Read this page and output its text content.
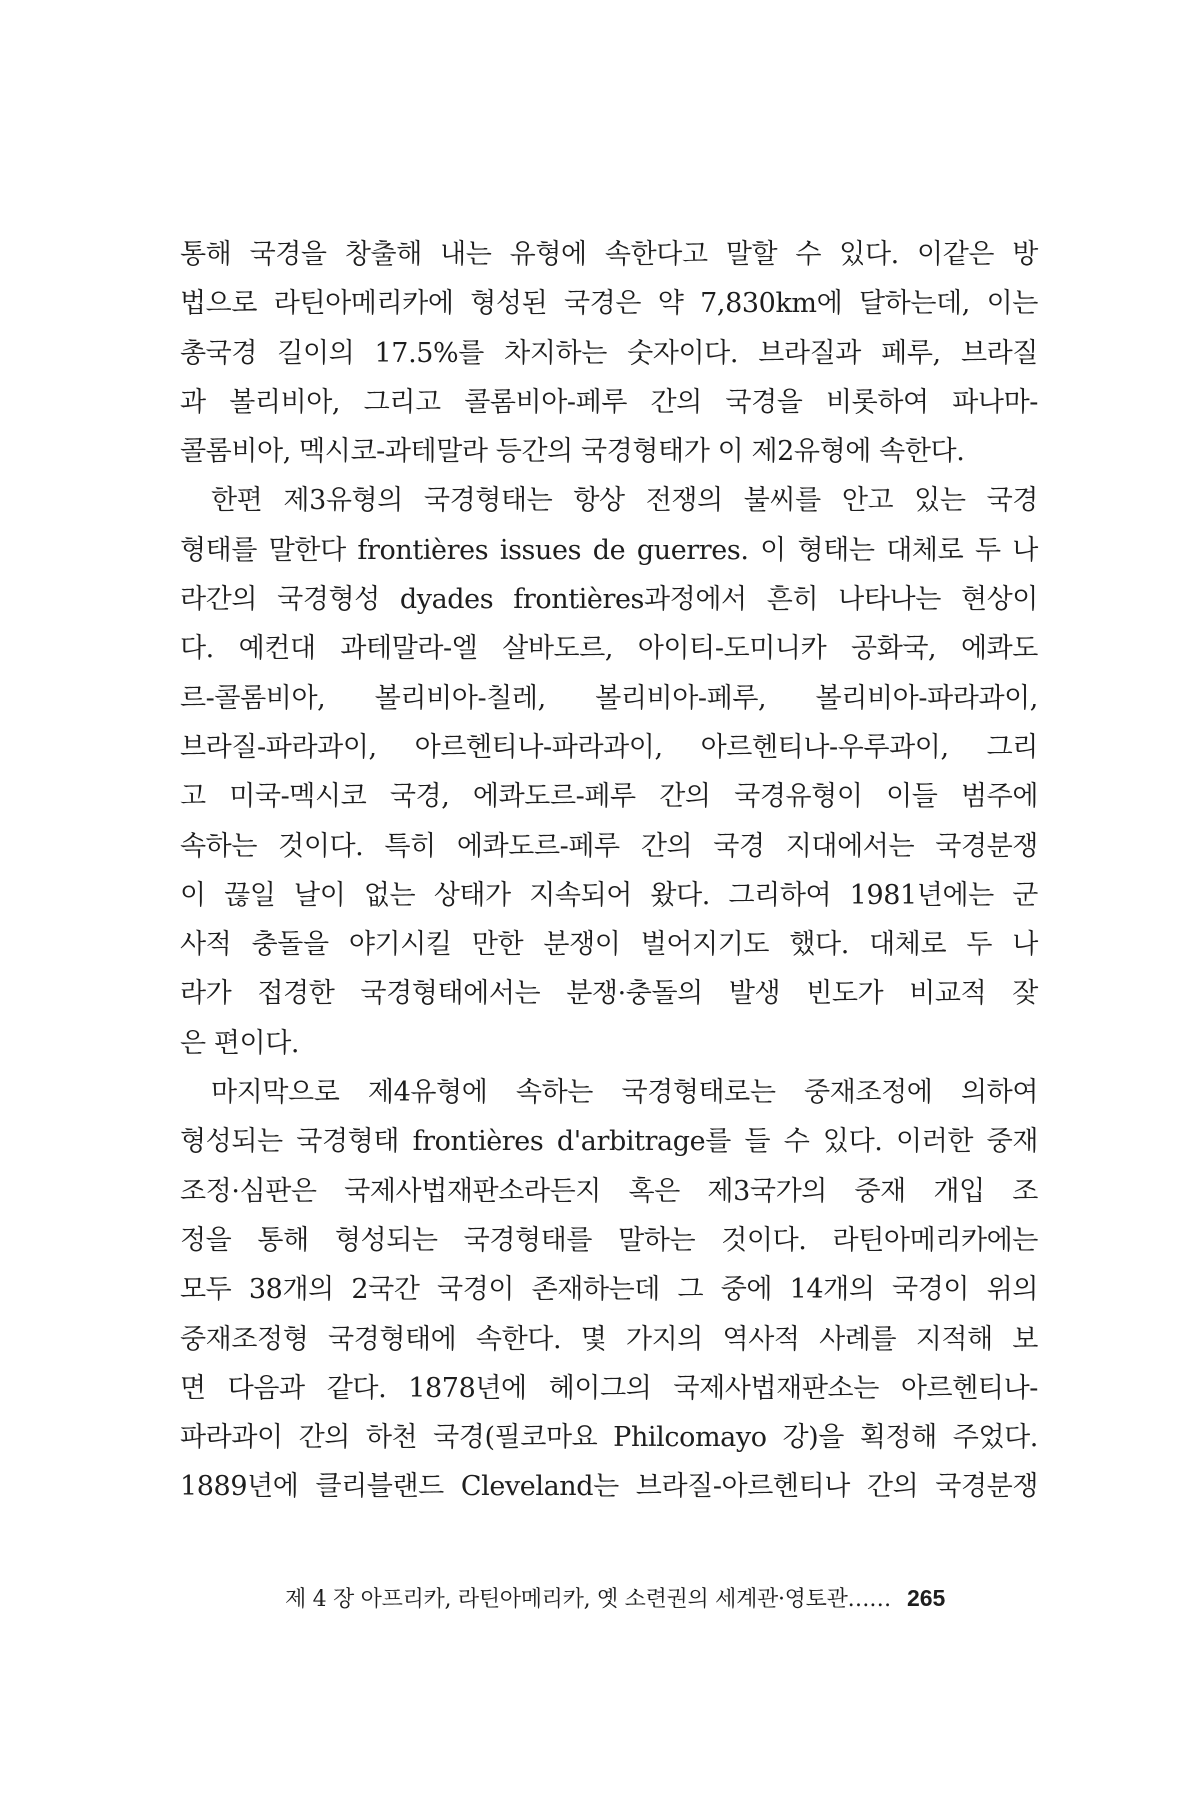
통해 국경을 창출해 내는 유형에 속한다고 말할 수 있다. 이같은 방
법으로 라틴아메리카에 형성된 국경은 약 7,830km에 달하는데, 이는
총국경 길이의 17.5%를 차지하는 숫자이다. 브라질과 페루, 브라질
과 볼리비아, 그리고 콜롬비아-페루 간의 국경을 비롯하여 파나마-
콜롬비아, 멕시코-과테말라 등간의 국경형태가 이 제2유형에 속한다.
한편 제3유형의 국경형태는 항상 전쟁의 불씨를 안고 있는 국경
형태를 말한다 frontières issues de guerres. 이 형태는 대체로 두 나
라간의 국경형성 dyades frontières과정에서 흔히 나타나는 현상이
다. 예컨대 과테말라-엘 살바도르, 아이티-도미니카 공화국, 에콰도
르-콜롬비아, 볼리비아-칠레, 볼리비아-페루, 볼리비아-파라과이,
브라질-파라과이, 아르헨티나-파라과이, 아르헨티나-우루과이, 그리
고 미국-멕시코 국경, 에콰도르-페루 간의 국경유형이 이들 범주에
속하는 것이다. 특히 에콰도르-페루 간의 국경 지대에서는 국경분쟁
이 끊일 날이 없는 상태가 지속되어 왔다. 그리하여 1981년에는 군
사적 충돌을 야기시킬 만한 분쟁이 벌어지기도 했다. 대체로 두 나
라가 접경한 국경형태에서는 분쟁·충돌의 발생 빈도가 비교적 잦
은 편이다.
마지막으로 제4유형에 속하는 국경형태로는 중재조정에 의하여
형성되는 국경형태 frontières d'arbitrage를 들 수 있다. 이러한 중재
조정·심판은 국제사법재판소라든지 혹은 제3국가의 중재 개입 조
정을 통해 형성되는 국경형태를 말하는 것이다. 라틴아메리카에는
모두 38개의 2국간 국경이 존재하는데 그 중에 14개의 국경이 위의
중재조정형 국경형태에 속한다. 몇 가지의 역사적 사례를 지적해 보
면 다음과 같다. 1878년에 헤이그의 국제사법재판소는 아르헨티나-
파라과이 간의 하천 국경(필코마요 Philcomayo 강)을 획정해 주었다.
1889년에 클리블랜드 Cleveland는 브라질-아르헨티나 간의 국경분쟁
제 4 장 아프리카, 라틴아메리카, 옛 소련권의 세계관·영토관…… 265
